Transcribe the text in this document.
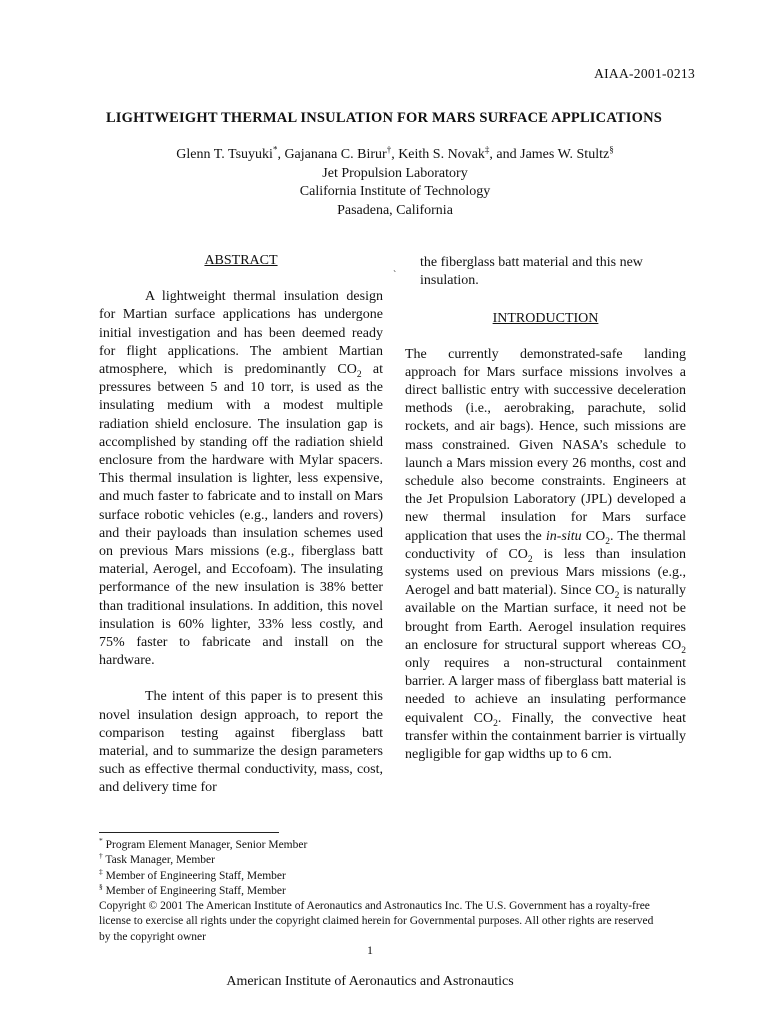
AIAA-2001-0213
LIGHTWEIGHT THERMAL INSULATION FOR MARS SURFACE APPLICATIONS
Glenn T. Tsuyuki*, Gajanana C. Birur†, Keith S. Novak‡, and James W. Stultz§
Jet Propulsion Laboratory
California Institute of Technology
Pasadena, California
ABSTRACT

A lightweight thermal insulation design for Martian surface applications has undergone initial investigation and has been deemed ready for flight applications. The ambient Martian atmosphere, which is predominantly $CO_2$ at pressures between 5 and 10 torr, is used as the insulating medium with a modest multiple radiation shield enclosure. The insulation gap is accomplished by standing off the radiation shield enclosure from the hardware with Mylar spacers. This thermal insulation is lighter, less expensive, and much faster to fabricate and to install on Mars surface robotic vehicles (e.g., landers and rovers) and their payloads than insulation schemes used on previous Mars missions (e.g., fiberglass batt material, Aerogel, and Eccofoam). The insulating performance of the new insulation is 38% better than traditional insulations. In addition, this novel insulation is 60% lighter, 33% less costly, and 75% faster to fabricate and install on the hardware.

The intent of this paper is to present this novel insulation design approach, to report the comparison testing against fiberglass batt material, and to summarize the design parameters such as effective thermal conductivity, mass, cost, and delivery time for

`
the fiberglass batt material and this new insulation.

INTRODUCTION

The currently demonstrated-safe landing approach for Mars surface missions involves a direct ballistic entry with successive deceleration methods (i.e., aerobraking, parachute, solid rockets, and air bags). Hence, such missions are mass constrained. Given NASA’s schedule to launch a Mars mission every 26 months, cost and schedule also become constraints. Engineers at the Jet Propulsion Laboratory (JPL) developed a new thermal insulation for Mars surface application that uses the in-situ $CO_2$. The thermal conductivity of $CO_2$ is less than insulation systems used on previous Mars missions (e.g., Aerogel and batt material). Since $CO_2$ is naturally available on the Martian surface, it need not be brought from Earth. Aerogel insulation requires an enclosure for structural support whereas $CO_2$ only requires a non-structural containment barrier. A larger mass of fiberglass batt material is needed to achieve an insulating performance equivalent $CO_2$. Finally, the convective heat transfer within the containment barrier is virtually negligible for gap widths up to 6 cm.

* Program Element Manager, Senior Member

† Task Manager, Member

‡ Member of Engineering Staff, Member

§ Member of Engineering Staff, Member

Copyright © 2001 The American Institute of Aeronautics and Astronautics Inc. The U.S. Government has a royalty-free license to exercise all rights under the copyright claimed herein for Governmental purposes. All other rights are reserved by the copyright owner

1
American Institute of Aeronautics and Astronautics
